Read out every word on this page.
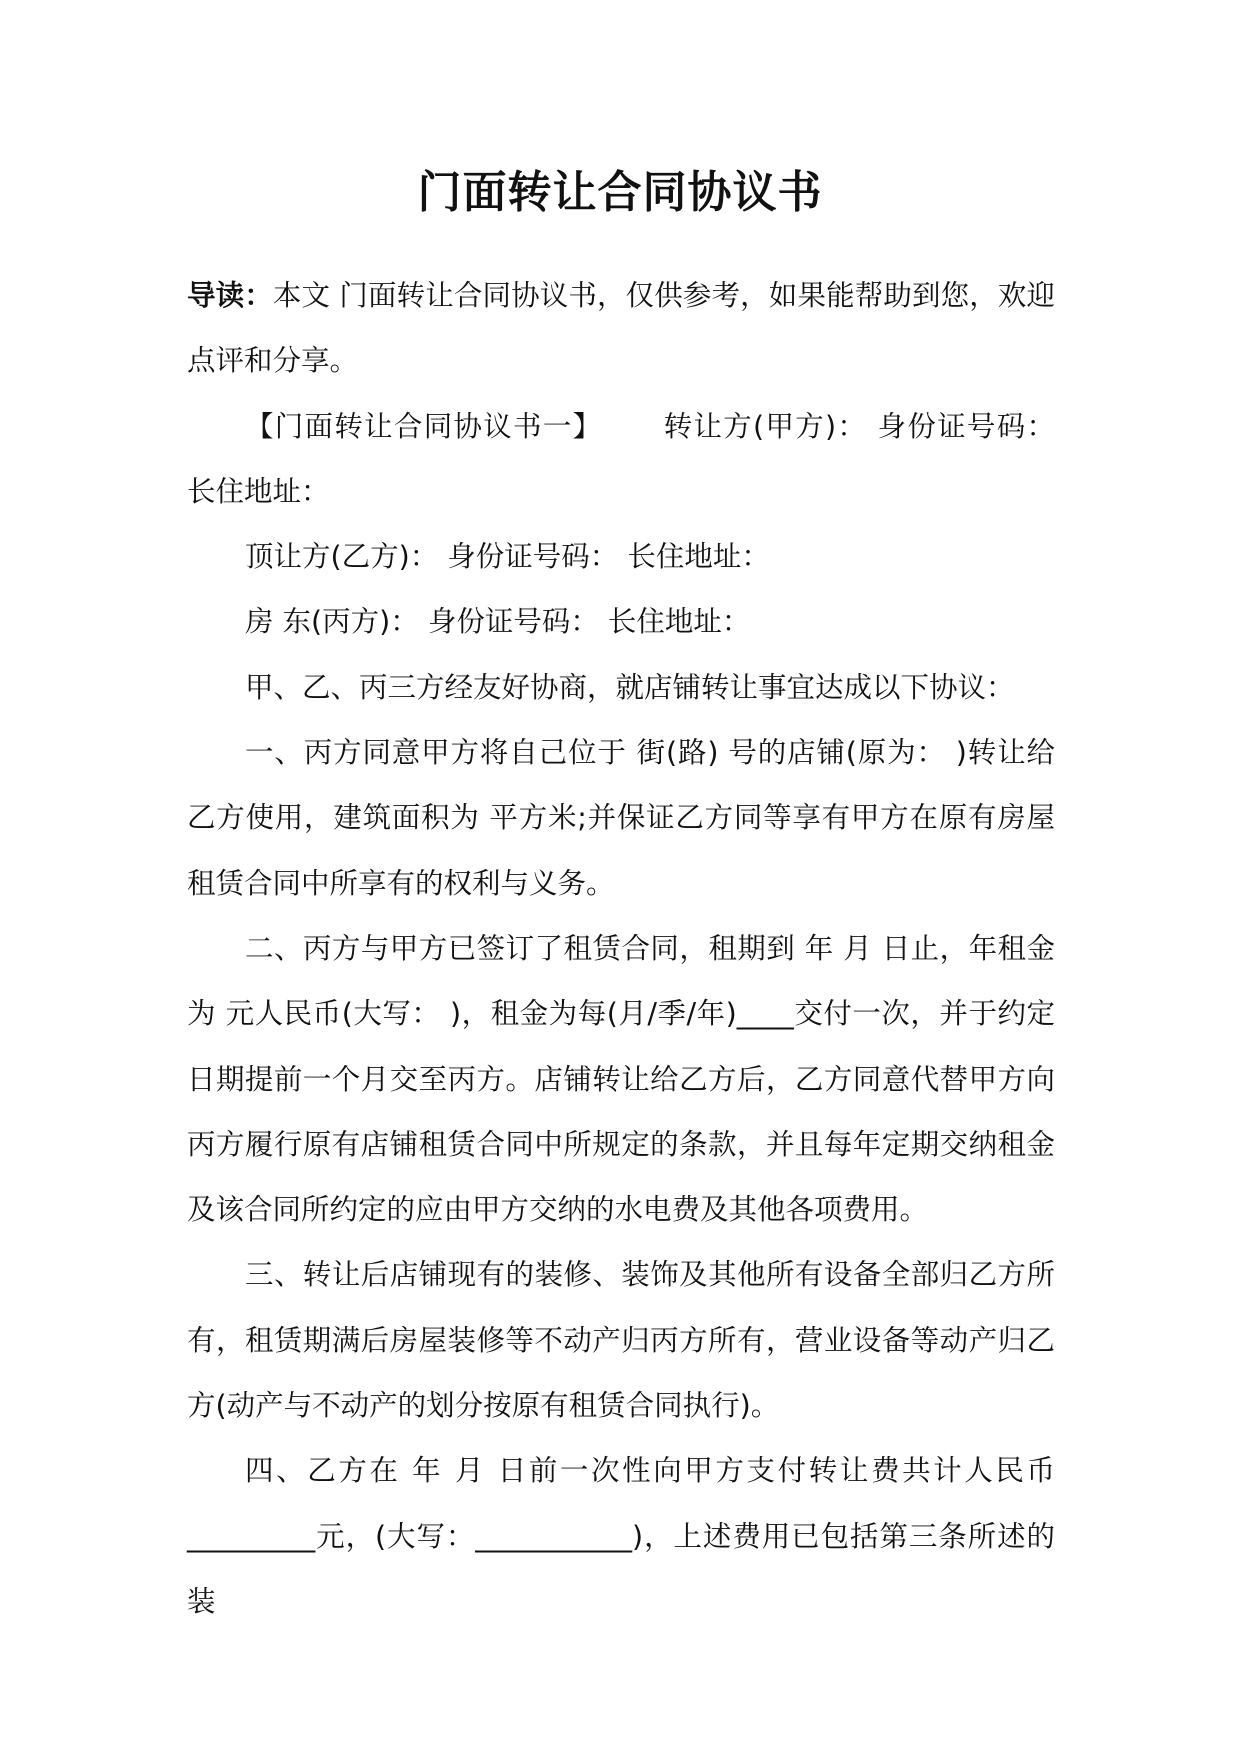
门面转让合同协议书

导读：本文 门面转让合同协议书，仅供参考，如果能帮助到您，欢迎点评和分享。

【门面转让合同协议书一】 转让方(甲方)： 身份证号码： 长住地址：

顶让方(乙方)： 身份证号码： 长住地址：

房 东(丙方)： 身份证号码： 长住地址：

甲、乙、丙三方经友好协商，就店铺转让事宜达成以下协议：

一、丙方同意甲方将自己位于 街(路) 号的店铺(原为： )转让给乙方使用，建筑面积为 平方米;并保证乙方同等享有甲方在原有房屋租赁合同中所享有的权利与义务。

二、丙方与甲方已签订了租赁合同，租期到 年 月 日止，年租金为 元人民币(大写： )，租金为每(月/季/年)____交付一次，并于约定日期提前一个月交至丙方。店铺转让给乙方后，乙方同意代替甲方向丙方履行原有店铺租赁合同中所规定的条款，并且每年定期交纳租金及该合同所约定的应由甲方交纳的水电费及其他各项费用。

三、转让后店铺现有的装修、装饰及其他所有设备全部归乙方所有，租赁期满后房屋装修等不动产归丙方所有，营业设备等动产归乙方(动产与不动产的划分按原有租赁合同执行)。

四、乙方在 年 月 日前一次性向甲方支付转让费共计人民币_________元，(大写：___________)，上述费用已包括第三条所述的装
